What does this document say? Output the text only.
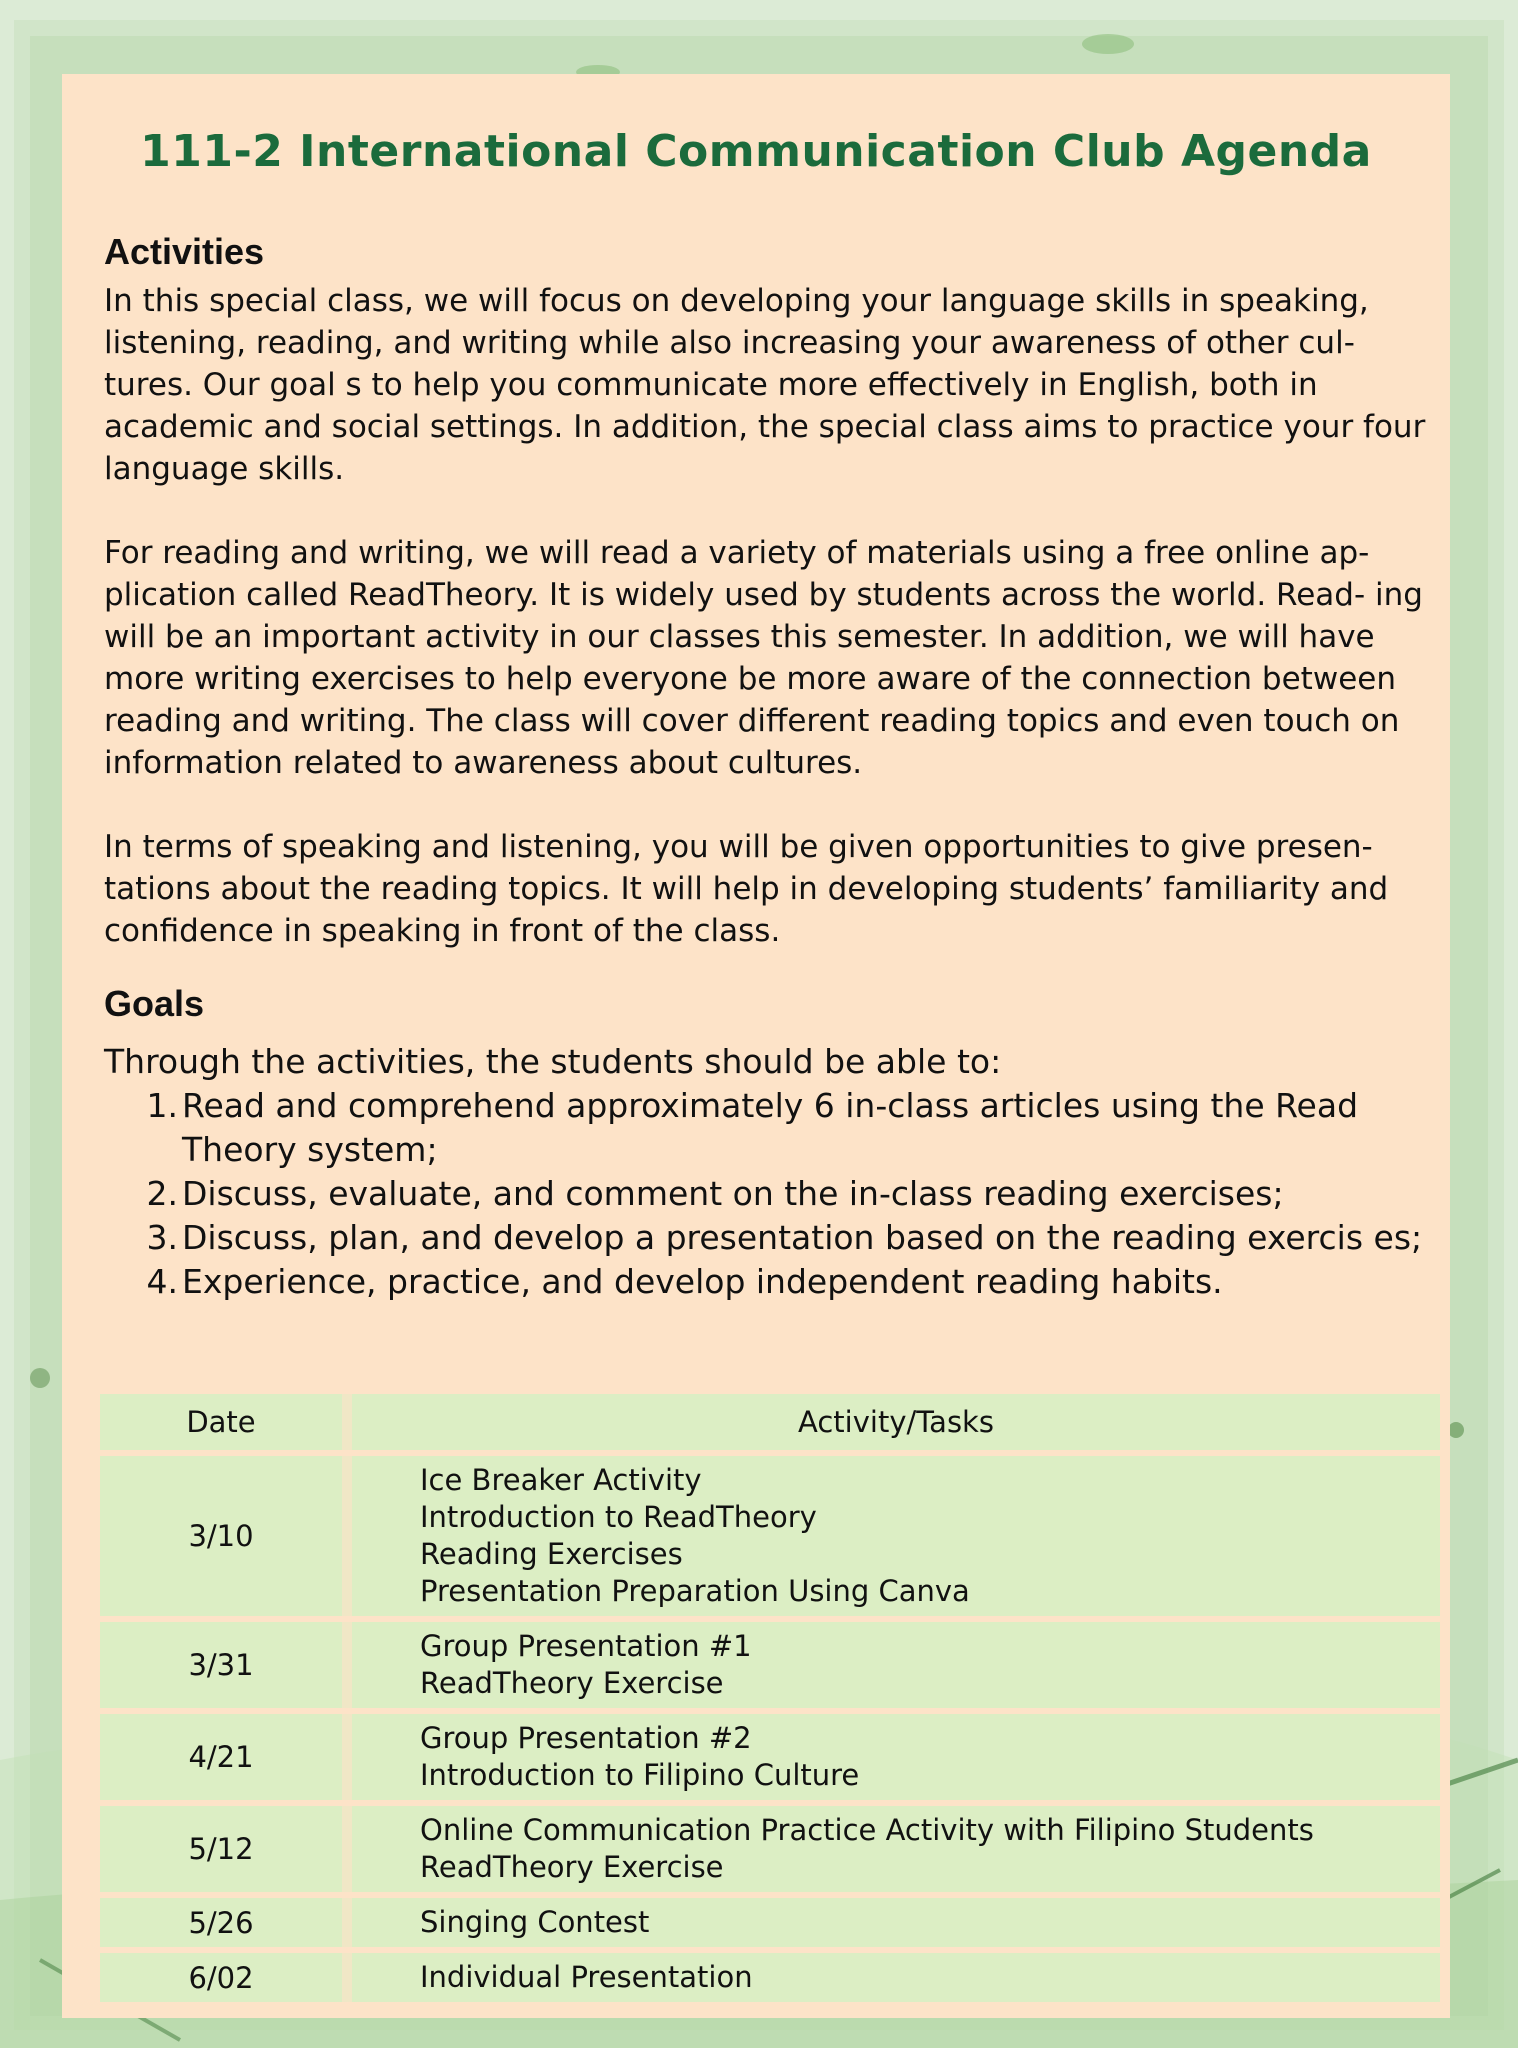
111-2 International Communication Club Agenda
Activities

In this special class, we will focus on developing your language skills in speaking, listening, reading, and writing while also increasing your awareness of other cul- tures. Our goal s to help you communicate more effectively in English, both in academic and social settings. In addition, the special class aims to practice your four language skills.

For reading and writing, we will read a variety of materials using a free online ap- plication called ReadTheory. It is widely used by students across the world. Read- ing will be an important activity in our classes this semester. In addition, we will have more writing exercises to help everyone be more aware of the connection between reading and writing. The class will cover different reading topics and even touch on information related to awareness about cultures.

In terms of speaking and listening, you will be given opportunities to give presen- tations about the reading topics. It will help in developing students’ familiarity and confidence in speaking in front of the class.

Goals

Through the activities, the students should be able to:

1. Read and comprehend approximately 6 in-class articles using the Read Theory system;
2. Discuss, evaluate, and comment on the in-class reading exercises;
3. Discuss, plan, and develop a presentation based on the reading exercis es;
4. Experience, practice, and develop independent reading habits.
Date	Activity/Tasks
3/10	Ice Breaker Activity
Introduction to ReadTheory
Reading Exercises
Presentation Preparation Using Canva

3/31	Group Presentation #1
ReadTheory Exercise

4/21	Group Presentation #2
Introduction to Filipino Culture

5/12	Online Communication Practice Activity with Filipino Students
ReadTheory Exercise

5/26	Singing Contest

6/02	Individual Presentation
